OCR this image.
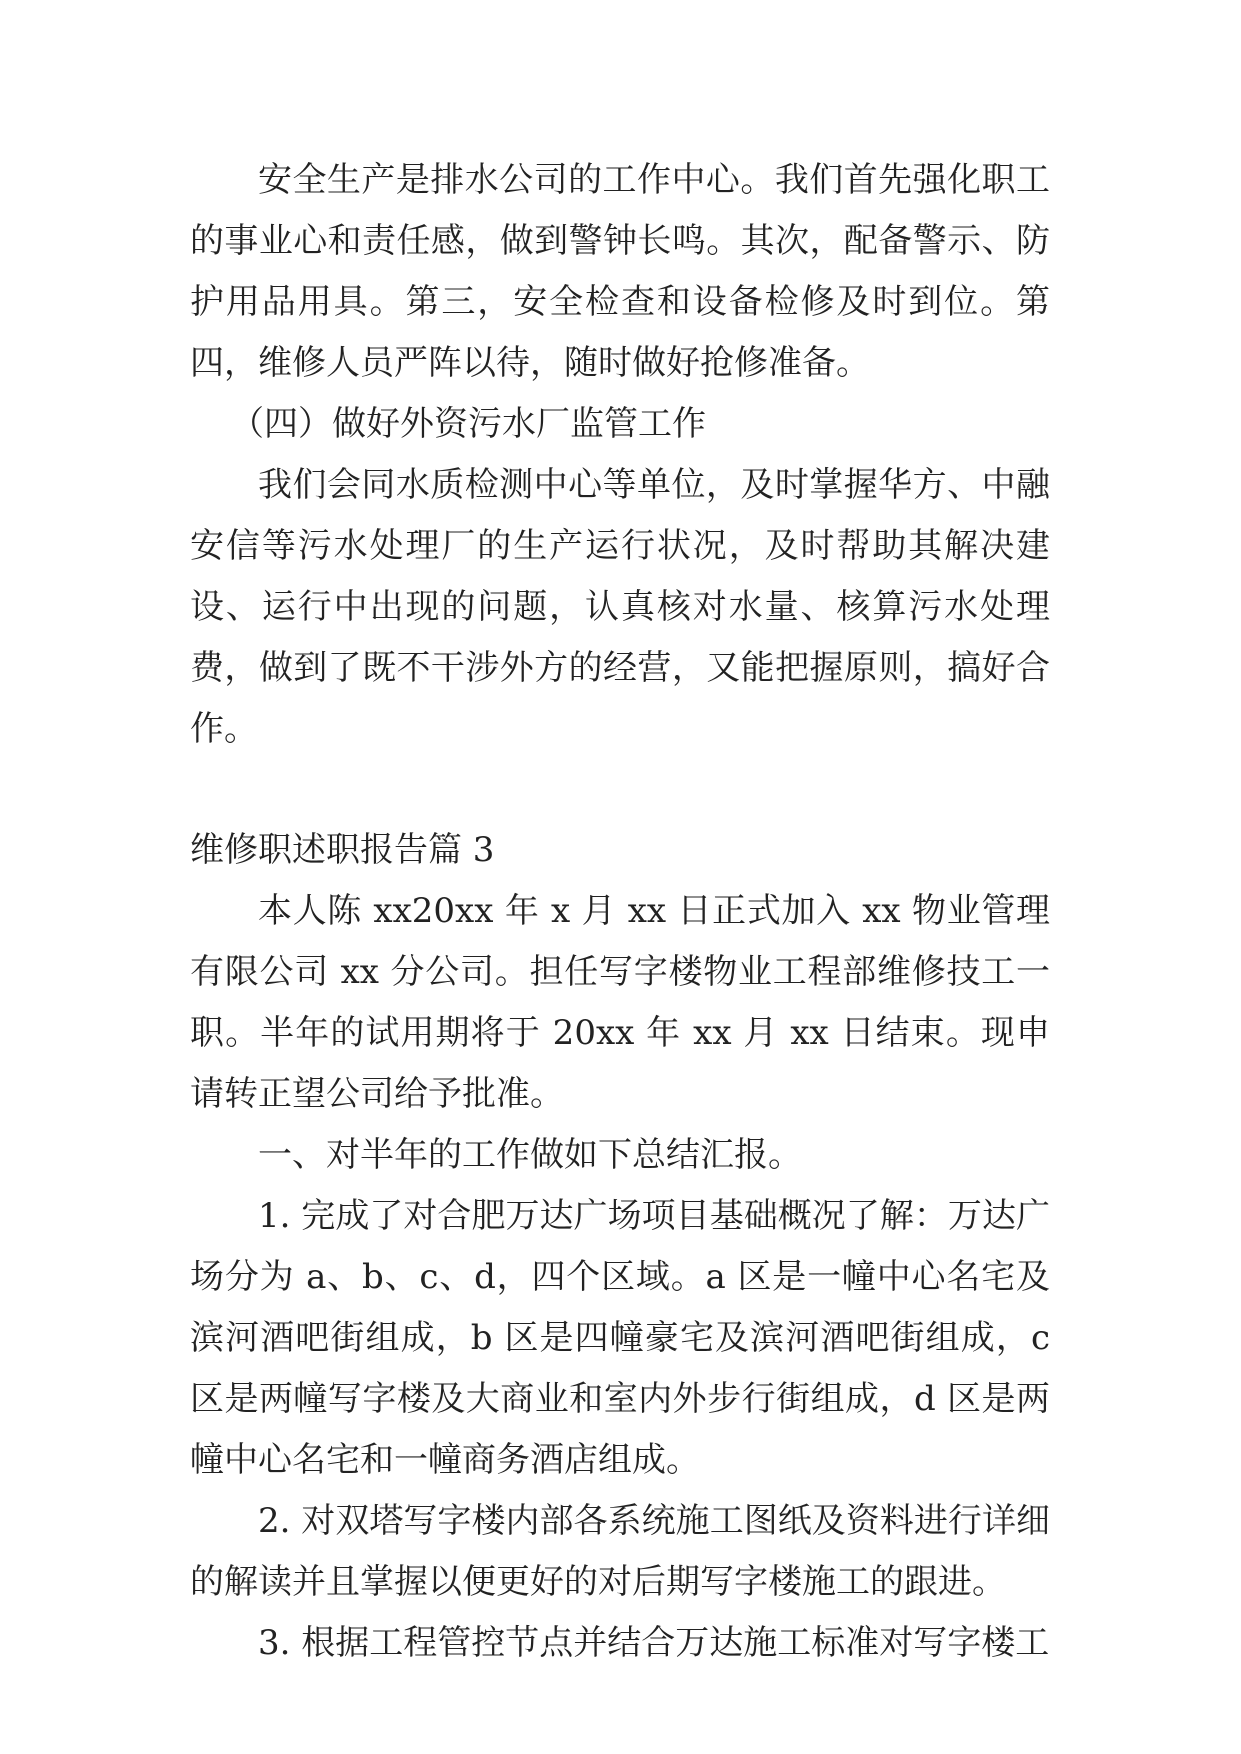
安全生产是排水公司的工作中心。我们首先强化职工的事业心和责任感，做到警钟长鸣。其次，配备警示、防护用品用具。第三，安全检查和设备检修及时到位。第四，维修人员严阵以待，随时做好抢修准备。

（四）做好外资污水厂监管工作

我们会同水质检测中心等单位，及时掌握华方、中融安信等污水处理厂的生产运行状况，及时帮助其解决建设、运行中出现的问题，认真核对水量、核算污水处理费，做到了既不干涉外方的经营，又能把握原则，搞好合作。

维修职述职报告篇 3

本人陈 xx20xx 年 x 月 xx 日正式加入 xx 物业管理有限公司 xx 分公司。担任写字楼物业工程部维修技工一职。半年的试用期将于 20xx 年 xx 月 xx 日结束。现申请转正望公司给予批准。

一、对半年的工作做如下总结汇报。

1. 完成了对合肥万达广场项目基础概况了解：万达广场分为 a、b、c、d，四个区域。a 区是一幢中心名宅及滨河酒吧街组成，b 区是四幢豪宅及滨河酒吧街组成，c 区是两幢写字楼及大商业和室内外步行街组成，d 区是两幢中心名宅和一幢商务酒店组成。

2. 对双塔写字楼内部各系统施工图纸及资料进行详细的解读并且掌握以便更好的对后期写字楼施工的跟进。

3. 根据工程管控节点并结合万达施工标准对写字楼工
